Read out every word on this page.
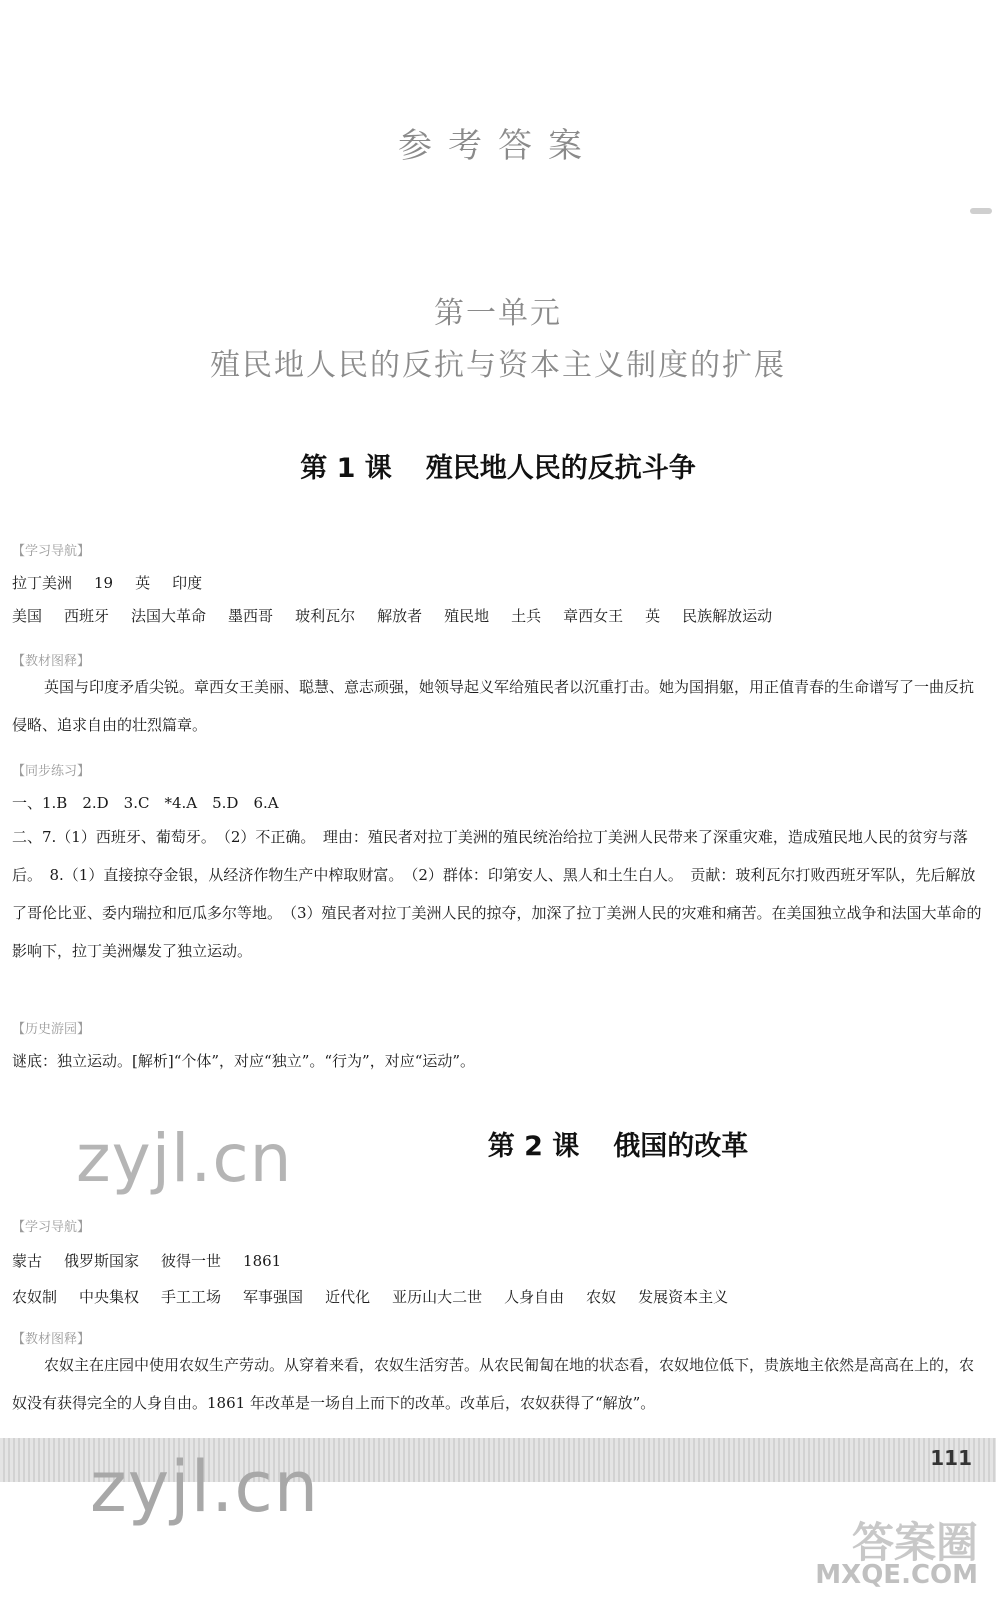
参考答案
第一单元
殖民地人民的反抗与资本主义制度的扩展
第 1 课 殖民地人民的反抗斗争
【学习导航】
拉丁美洲 19 英 印度
美国 西班牙 法国大革命 墨西哥 玻利瓦尔 解放者 殖民地 土兵 章西女王 英 民族解放运动
【教材图释】
英国与印度矛盾尖锐。章西女王美丽、聪慧、意志顽强，她领导起义军给殖民者以沉重打击。她为国捐躯，用正值青春的生命谱写了一曲反抗侵略、追求自由的壮烈篇章。
【同步练习】
一、1.B　2.D　3.C　*4.A　5.D　6.A
二、7.（1）西班牙、葡萄牙。　（2）不正确。　理由：殖民者对拉丁美洲的殖民统治给拉丁美洲人民带来了深重灾难，造成殖民地人民的贫穷与落后。　8.（1）直接掠夺金银，从经济作物生产中榨取财富。　（2）群体：印第安人、黑人和土生白人。　贡献：玻利瓦尔打败西班牙军队，先后解放了哥伦比亚、委内瑞拉和厄瓜多尔等地。　（3）殖民者对拉丁美洲人民的掠夺，加深了拉丁美洲人民的灾难和痛苦。在美国独立战争和法国大革命的影响下，拉丁美洲爆发了独立运动。
【历史游园】
谜底：独立运动。[解析]“个体”，对应“独立”。“行为”，对应“运动”。
zyjl.cn	第 2 课 俄国的改革
【学习导航】
蒙古 俄罗斯国家 彼得一世 1861
农奴制 中央集权 手工工场 军事强国 近代化 亚历山大二世 人身自由 农奴 发展资本主义
【教材图释】
农奴主在庄园中使用农奴生产劳动。从穿着来看，农奴生活穷苦。从农民匍匐在地的状态看，农奴地位低下，贵族地主依然是高高在上的，农奴没有获得完全的人身自由。1861 年改革是一场自上而下的改革。改革后，农奴获得了“解放”。
111
zyjl.cn
答案圈
MXQE.COM
